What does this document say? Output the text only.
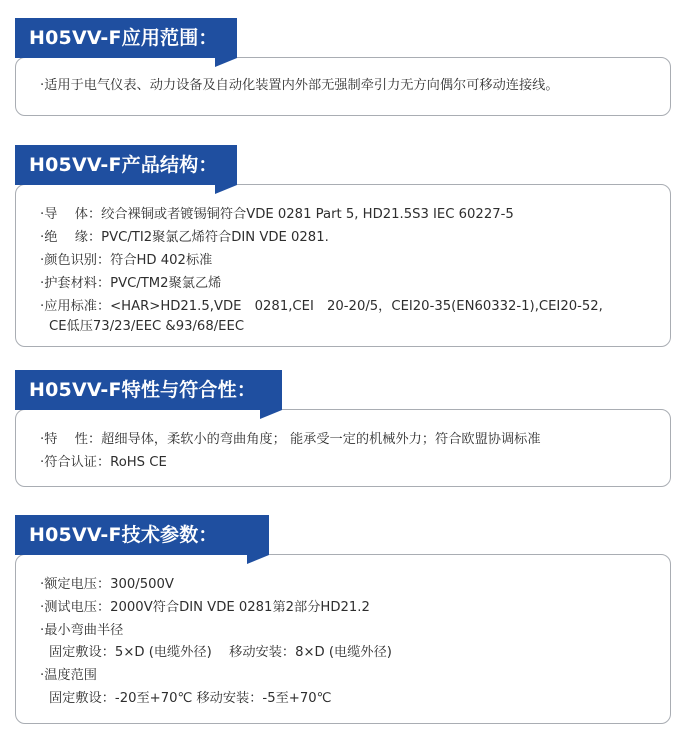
H05VV-F应用范围：
·适用于电气仪表、动力设备及自动化装置内外部无强制牵引力无方向偶尔可移动连接线。
H05VV-F产品结构：
·导　 体：绞合裸铜或者镀锡铜符合VDE 0281 Part 5, HD21.5S3 IEC 60227-5
·绝　 缘：PVC/TI2聚氯乙烯符合DIN VDE 0281.
·颜色识别：符合HD 402标准
·护套材料：PVC/TM2聚氯乙烯
·应用标准：<HAR>HD21.5,VDE　0281,CEI　20-20/5，CEI20-35(EN60332-1),CEI20-52,
CE低压73/23/EEC &93/68/EEC
H05VV-F特性与符合性：
·特　 性：超细导体，柔软小的弯曲角度； 能承受一定的机械外力；符合欧盟协调标准
·符合认证：RoHS CE
H05VV-F技术参数：
·额定电压：300/500V
·测试电压：2000V符合DIN VDE 0281第2部分HD21.2
·最小弯曲半径
固定敷设：5×D (电缆外径)　 移动安装：8×D (电缆外径)
·温度范围
固定敷设：-20至+70℃ 移动安装：-5至+70℃
